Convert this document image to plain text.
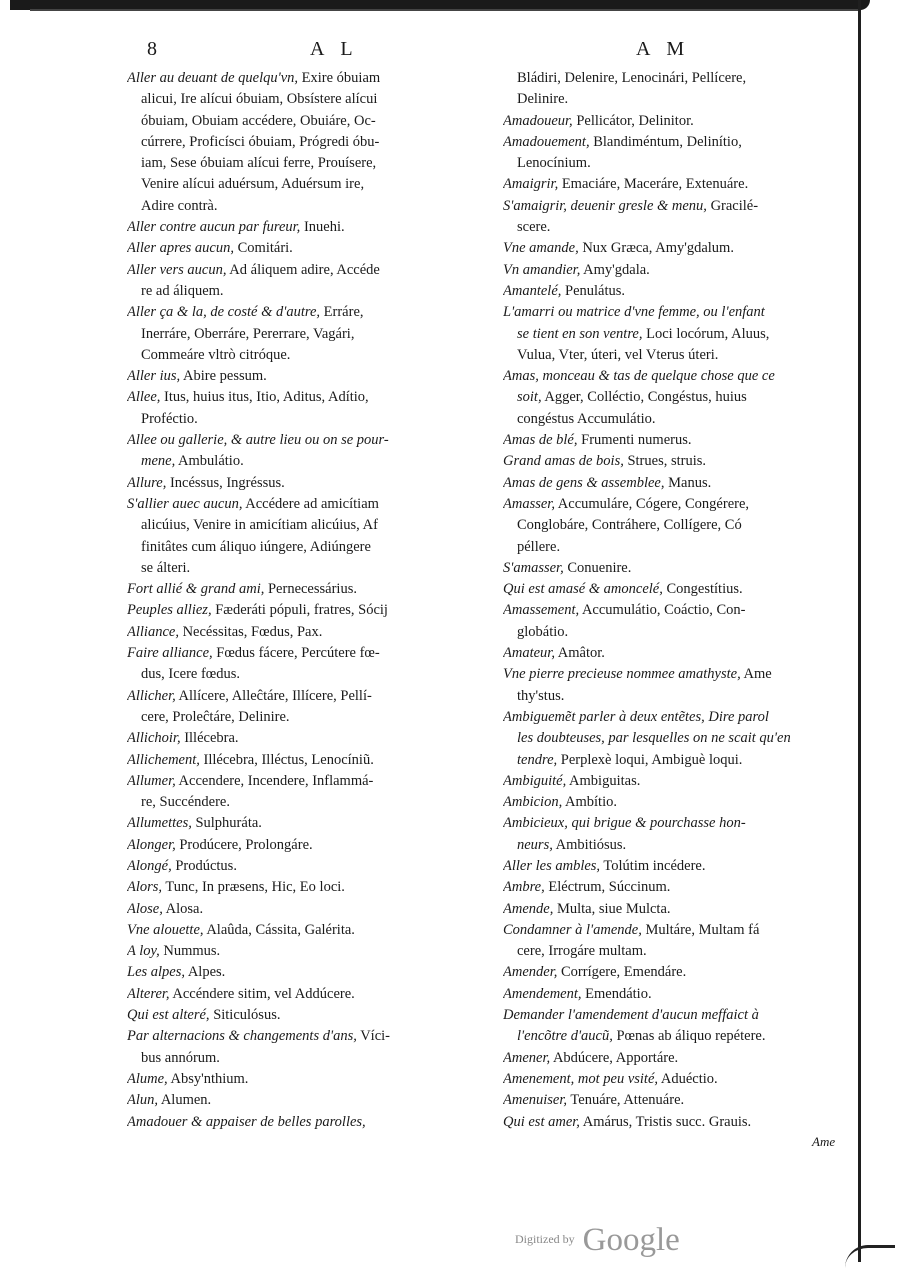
8	A L	A M
Aller au deuant de quelqu'vn, Exire óbuiam
alicui, Ire alícui óbuiam, Obsístere alícui
óbuiam, Obuiam accédere, Obuiáre, Oc-
cúrrere, Proficísci óbuiam, Prógredi óbu-
iam, Sese óbuiam alícui ferre, Prouísere,
Venire alícui aduérsum, Aduérsum ire,
Adire contrà.
Aller contre aucun par fureur, Inuehi.
Aller apres aucun, Comitári.
Aller vers aucun, Ad áliquem adire, Accéde
re ad áliquem.
Aller ça & la, de costé & d'autre, Erráre,
Inerráre, Oberráre, Pererrare, Vagári,
Commeáre vltrò citróque.
Aller ius, Abire pessum.
Allee, Itus, huius itus, Itio, Aditus, Adítio,
Proféctio.
Allee ou gallerie, & autre lieu ou on se pour-
mene, Ambulátio.
Allure, Incéssus, Ingréssus.
S'allier auec aucun, Accédere ad amicítiam
alicúius, Venire in amicítiam alicúius, Af
finitâtes cum áliquo iúngere, Adiúngere
se álteri.
Fort allié & grand ami, Pernecessárius.
Peuples alliez, Fæderáti pópuli, fratres, Sócij
Alliance, Necéssitas, Fœdus, Pax.
Faire alliance, Fœdus fácere, Percútere fœ-
dus, Icere fœdus.
Allicher, Allícere, Alleĉtáre, Illícere, Pellí-
cere, Proleĉtáre, Delinire.
Allichoir, Illécebra.
Allichement, Illécebra, Illéctus, Lenocíniũ.
Allumer, Accendere, Incendere, Inflammá-
re, Succéndere.
Allumettes, Sulphuráta.
Alonger, Prodúcere, Prolongáre.
Alongé, Prodúctus.
Alors, Tunc, In præsens, Hic, Eo loci.
Alose, Alosa.
Vne alouette, Alaûda, Cássita, Galérita.
A loy, Nummus.
Les alpes, Alpes.
Alterer, Accéndere sitim, vel Addúcere.
Qui est alteré, Siticulósus.
Par alternacions & changements d'ans, Víci-
bus annórum.
Alume, Absy'nthium.
Alun, Alumen.
Amadouer & appaiser de belles parolles,
Bládiri, Delenire, Lenocinári, Pellícere,
Delinire.
Amadoueur, Pellicátor, Delinitor.
Amadouement, Blandiméntum, Delinítio,
Lenocínium.
Amaigrir, Emaciáre, Maceráre, Extenuáre.
S'amaigrir, deuenir gresle & menu, Gracilé-
scere.
Vne amande, Nux Græca, Amy'gdalum.
Vn amandier, Amy'gdala.
Amantelé, Penulátus.
L'amarri ou matrice d'vne femme, ou l'enfant
se tient en son ventre, Loci locórum, Aluus,
Vulua, Vter, úteri, vel Vterus úteri.
Amas, monceau & tas de quelque chose que ce
soit, Agger, Colléctio, Congéstus, huius
congéstus Accumulátio.
Amas de blé, Frumenti numerus.
Grand amas de bois, Strues, struis.
Amas de gens & assemblee, Manus.
Amasser, Accumuláre, Cógere, Congérere,
Conglobáre, Contráhere, Collígere, Có
péllere.
S'amasser, Conuenire.
Qui est amasé & amoncelé, Congestítius.
Amassement, Accumulátio, Coáctio, Con-
globátio.
Amateur, Amâtor.
Vne pierre precieuse nommee amathyste, Ame
thy'stus.
Ambiguemẽt parler à deux entẽtes, Dire parol
les doubteuses, par lesquelles on ne scait qu'en
tendre, Perplexè loqui, Ambiguè loqui.
Ambiguité, Ambiguitas.
Ambicion, Ambítio.
Ambicieux, qui brigue & pourchasse hon-
neurs, Ambitiósus.
Aller les ambles, Tolútim incédere.
Ambre, Eléctrum, Súccinum.
Amende, Multa, siue Mulcta.
Condamner à l'amende, Multáre, Multam fá
cere, Irrogáre multam.
Amender, Corrígere, Emendáre.
Amendement, Emendátio.
Demander l'amendement d'aucun meffaict à
l'encõtre d'aucũ, Pœnas ab áliquo repétere.
Amener, Abdúcere, Apportáre.
Amenement, mot peu vsité, Aduéctio.
Amenuiser, Tenuáre, Attenuáre.
Qui est amer, Amárus, Tristis succ. Grauis.
Ame
Digitized by Google
